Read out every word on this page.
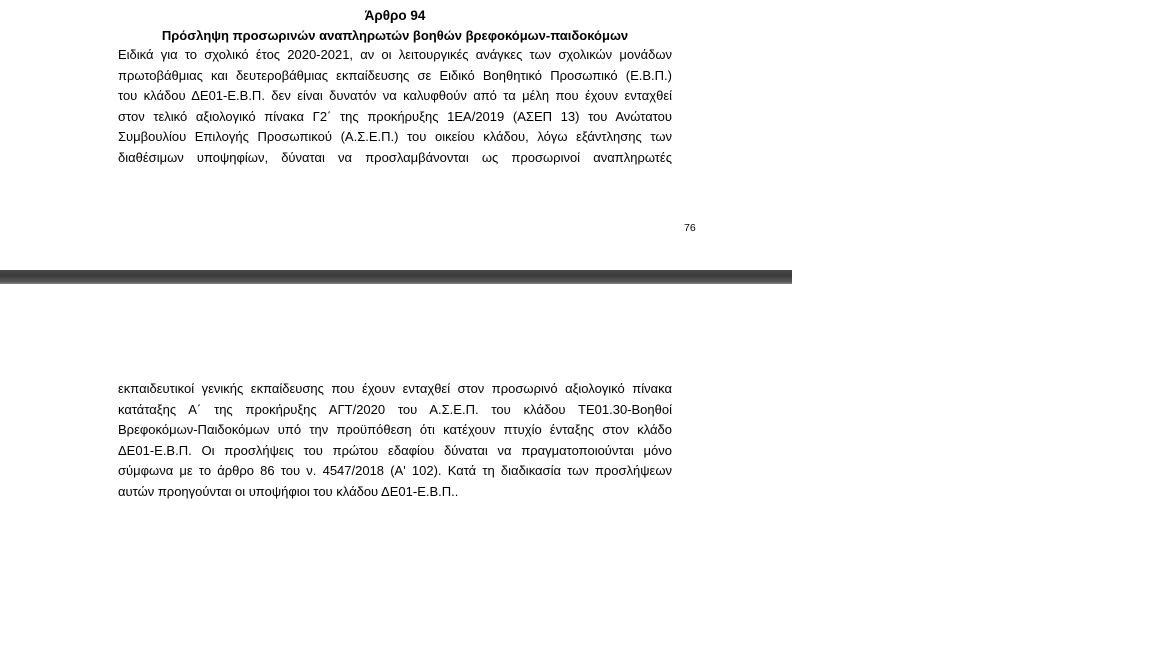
Άρθρο 94
Πρόσληψη προσωρινών αναπληρωτών βοηθών βρεφοκόμων-παιδοκόμων
Ειδικά για το σχολικό έτος 2020-2021, αν οι λειτουργικές ανάγκες των σχολικών μονάδων
πρωτοβάθμιας και δευτεροβάθμιας εκπαίδευσης σε Ειδικό Βοηθητικό Προσωπικό (Ε.Β.Π.)
του κλάδου ΔΕ01-Ε.Β.Π. δεν είναι δυνατόν να καλυφθούν από τα μέλη που έχουν ενταχθεί
στον τελικό αξιολογικό πίνακα Γ2΄ της προκήρυξης 1ΕΑ/2019 (ΑΣΕΠ 13) του Ανώτατου
Συμβουλίου Επιλογής Προσωπικού (Α.Σ.Ε.Π.) του οικείου κλάδου, λόγω εξάντλησης των
διαθέσιμων υποψηφίων, δύναται να προσλαμβάνονται ως προσωρινοί αναπληρωτές
76
εκπαιδευτικοί γενικής εκπαίδευσης που έχουν ενταχθεί στον προσωρινό αξιολογικό πίνακα
κατάταξης Α΄ της προκήρυξης ΑΓΤ/2020 του Α.Σ.Ε.Π. του κλάδου ΤΕ01.30-Βοηθοί
Βρεφοκόμων-Παιδοκόμων υπό την προϋπόθεση ότι κατέχουν πτυχίο ένταξης στον κλάδο
ΔΕ01-Ε.Β.Π. Οι προσλήψεις του πρώτου εδαφίου δύναται να πραγματοποιούνται μόνο
σύμφωνα με το άρθρο 86 του ν. 4547/2018 (Α' 102). Κατά τη διαδικασία των προσλήψεων
αυτών προηγούνται οι υποψήφιοι του κλάδου ΔΕ01-Ε.Β.Π..
